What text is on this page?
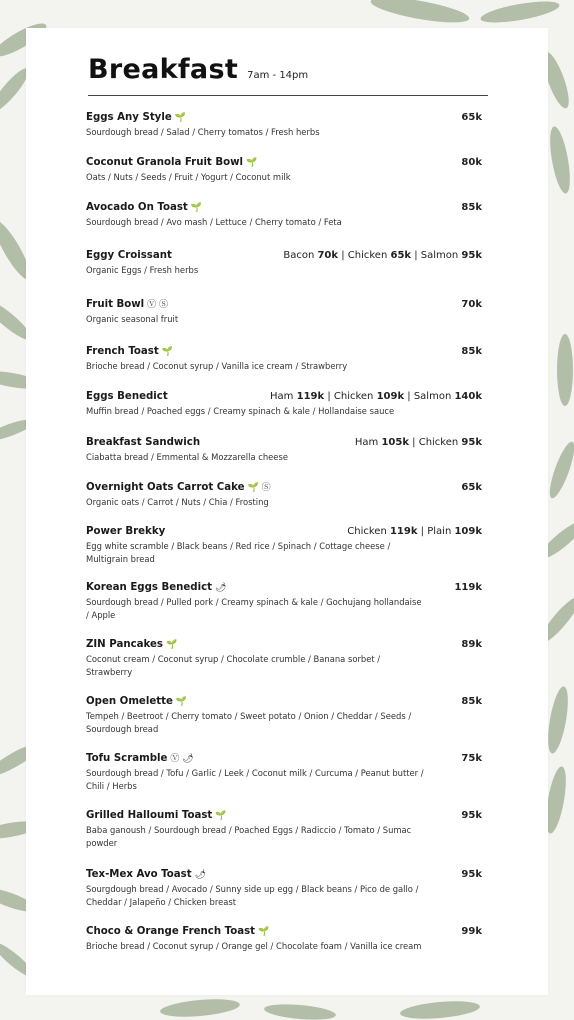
Breakfast 7am - 14pm
Eggs Any Style 🌱
Sourdough bread / Salad / Cherry tomatos / Fresh herbs
65k
Coconut Granola Fruit Bowl 🌱
Oats / Nuts / Seeds / Fruit / Yogurt / Coconut milk
80k
Avocado On Toast 🌱
Sourdough bread / Avo mash / Lettuce / Cherry tomato / Feta
85k
Eggy Croissant
Organic Eggs / Fresh herbs
Bacon 70k | Chicken 65k | Salmon 95k
Fruit Bowl Ⓥ Ⓢ
Organic seasonal fruit
70k
French Toast 🌱
Brioche bread / Coconut syrup / Vanilla ice cream / Strawberry
85k
Eggs Benedict
Muffin bread / Poached eggs / Creamy spinach & kale / Hollandaise sauce
Ham 119k | Chicken 109k | Salmon 140k
Breakfast Sandwich
Ciabatta bread / Emmental & Mozzarella cheese
Ham 105k | Chicken 95k
Overnight Oats Carrot Cake 🌱 Ⓢ
Organic oats / Carrot / Nuts / Chia / Frosting
65k
Power Brekky
Egg white scramble / Black beans / Red rice / Spinach / Cottage cheese / Multigrain bread
Chicken 119k | Plain 109k
Korean Eggs Benedict 🌶
Sourdough bread / Pulled pork / Creamy spinach & kale / Gochujang hollandaise / Apple
119k
ZIN Pancakes 🌱
Coconut cream / Coconut syrup / Chocolate crumble / Banana sorbet / Strawberry
89k
Open Omelette 🌱
Tempeh / Beetroot / Cherry tomato / Sweet potato / Onion / Cheddar / Seeds / Sourdough bread
85k
Tofu Scramble Ⓥ 🌶
Sourdough bread / Tofu / Garlic / Leek / Coconut milk / Curcuma / Peanut butter / Chili / Herbs
75k
Grilled Halloumi Toast 🌱
Baba ganoush / Sourdough bread / Poached Eggs / Radiccio / Tomato / Sumac powder
95k
Tex-Mex Avo Toast 🌶
Sourgdough bread / Avocado / Sunny side up egg / Black beans / Pico de gallo / Cheddar / Jalapeño / Chicken breast
95k
Choco & Orange French Toast 🌱
Brioche bread / Coconut syrup / Orange gel / Chocolate foam / Vanilla ice cream
99k
